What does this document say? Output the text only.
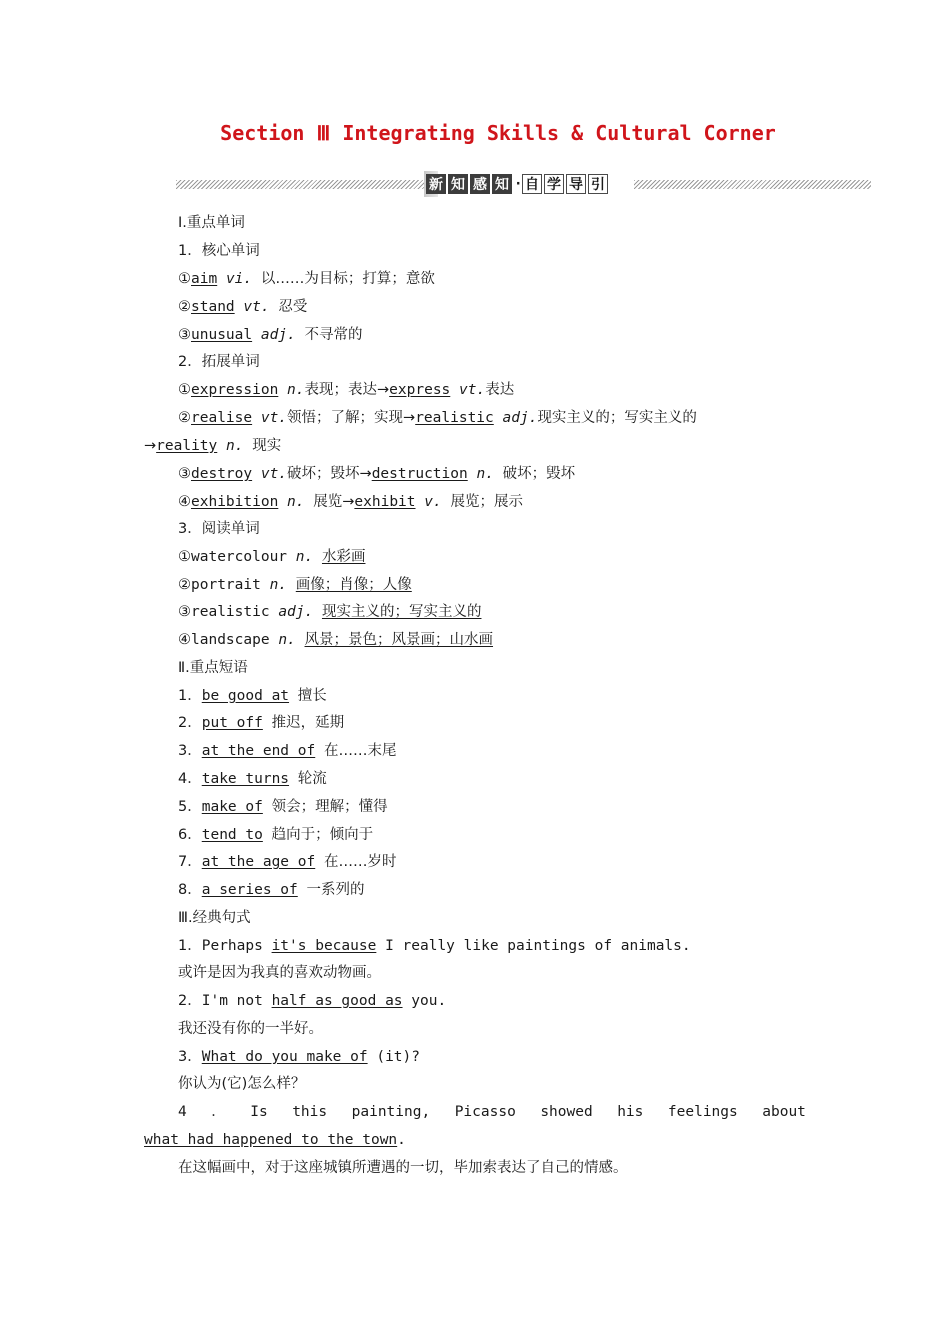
Section Ⅲ Integrating Skills & Cultural Corner
新 知 感 知 · 自 学 导 引
Ⅰ.重点单词
1．核心单词
①aim vi. 以……为目标；打算；意欲
②stand vt. 忍受
③unusual adj. 不寻常的
2．拓展单词
①expression n.表现；表达→express vt.表达
②realise vt.领悟；了解；实现→realistic adj.现实主义的；写实主义的
→reality n. 现实
③destroy vt.破坏；毁坏→destruction n. 破坏；毁坏
④exhibition n. 展览→exhibit v. 展览；展示
3．阅读单词
①watercolour n. 水彩画
②portrait n. 画像；肖像；人像
③realistic adj. 现实主义的；写实主义的
④landscape n. 风景；景色；风景画；山水画
Ⅱ.重点短语
1．be good at 擅长
2．put off 推迟，延期
3．at the end of 在……末尾
4．take turns 轮流
5．make of 领会；理解；懂得
6．tend to 趋向于；倾向于
7．at the age of 在……岁时
8．a series of 一系列的
Ⅲ.经典句式
1．Perhaps it's because I really like paintings of animals.
或许是因为我真的喜欢动物画。
2．I'm not half as good as you.
我还没有你的一半好。
3．What do you make of (it)?
你认为(它)怎么样？
4 ． Is this painting, Picasso showed his feelings about
what had happened to the town.
在这幅画中，对于这座城镇所遭遇的一切，毕加索表达了自己的情感。
